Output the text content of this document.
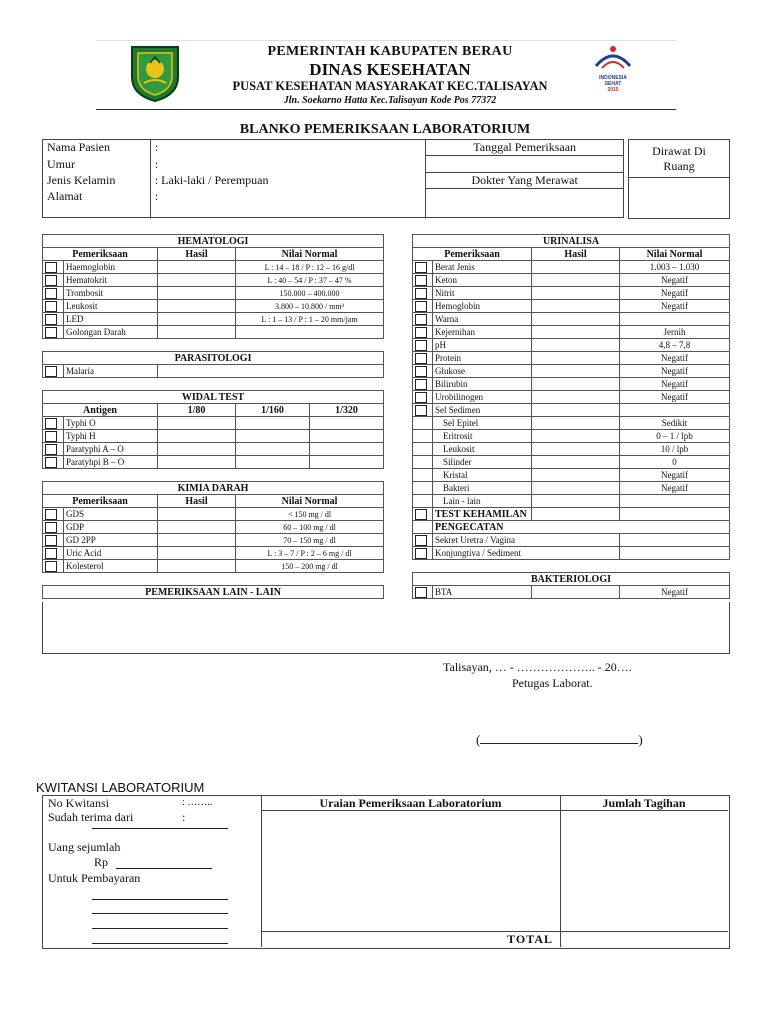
PEMERINTAH KABUPATEN BERAU
DINAS KESEHATAN
PUSAT KESEHATAN MASYARAKAT KEC.TALISAYAN
Jln. Soekarno Hatta Kec.Talisayan Kode Pos 77372
INDONESIA
SEHAT
2015
BLANKO PEMERIKSAAN LABORATORIUM
Nama Pasien	:	Tanggal Pemeriksaan
Umur	:	
Jenis Kelamin	: Laki-laki / Perempuan	Dokter Yang Merawat
Alamat	:	
Dirawat Di Ruang
HEMATOLOGI				
Pemeriksaan		Hasil	Nilai Normal	
	Haemoglobin		L : 14 – 18 / P : 12 – 16 g/dl	
	Hematokrit		L : 40 – 54 / P : 37 – 47 %	
	Trombosit		150.000 – 400.000	
	Leukosit		3.800 – 10.800 / mm³	
	LED		L : 1 – 13 / P : 1 – 20 mm/jam	
	Golongan Darah			

PARASITOLOGI				
	Malaria			

WIDAL TEST				
Antigen		1/80	1/160	1/320
	Typhi O			
	Typhi H			
	Paratyphi A – O			
	Paratyhpi B – O			

KIMIA DARAH				
Pemeriksaan		Hasil	Nilai Normal	
	GDS		< 150 mg / dl	
	GDP		60 – 100 mg / dl	
	GD 2PP		70 – 150 mg / dl	
	Uric Acid		L : 3 – 7 / P : 2 – 6 mg / dl	
	Kolesterol		150 – 200 mg / dl	

PEMERIKSAAN LAIN - LAIN				
URINALISA			
Pemeriksaan		Hasil	Nilai Normal
	Berat Jenis		1.003 – 1.030
	Keton		Negatif
	Nitrit		Negatif
	Hemoglobin		Negatif
	Warna		
	Kejernihan		Jernih
	pH		4,8 – 7,8
	Protein		Negatif
	Glukose		Negatif
	Bilirubin		Negatif
	Urobilinogen		Negatif
	Sel Sedimen		
	Sel Epitel		Sedikit
	Eritrosit		0 – 1 / lpb
	Leukosit		10 / lpb
	Silinder		0
	Kristal		Negatif
	Bakteri		Negatif
	Lain - lain		
	TEST KEHAMILAN		
	PENGECATAN		
	Sekret Uretra / Vagina		
	Konjungtiva / Sediment		

BAKTERIOLOGI			
	BTA		Negatif
Talisayan, … - ……………….. - 20….
Petugas Laborat.
(	)
KWITANSI LABORATORIUM
Uraian Pemeriksaan Laboratorium	Jumlah Tagihan
TOTAL
No Kwitansi	: ……..
Sudah terima dari	:
Uang sejumlah
Rp
Untuk Pembayaran
